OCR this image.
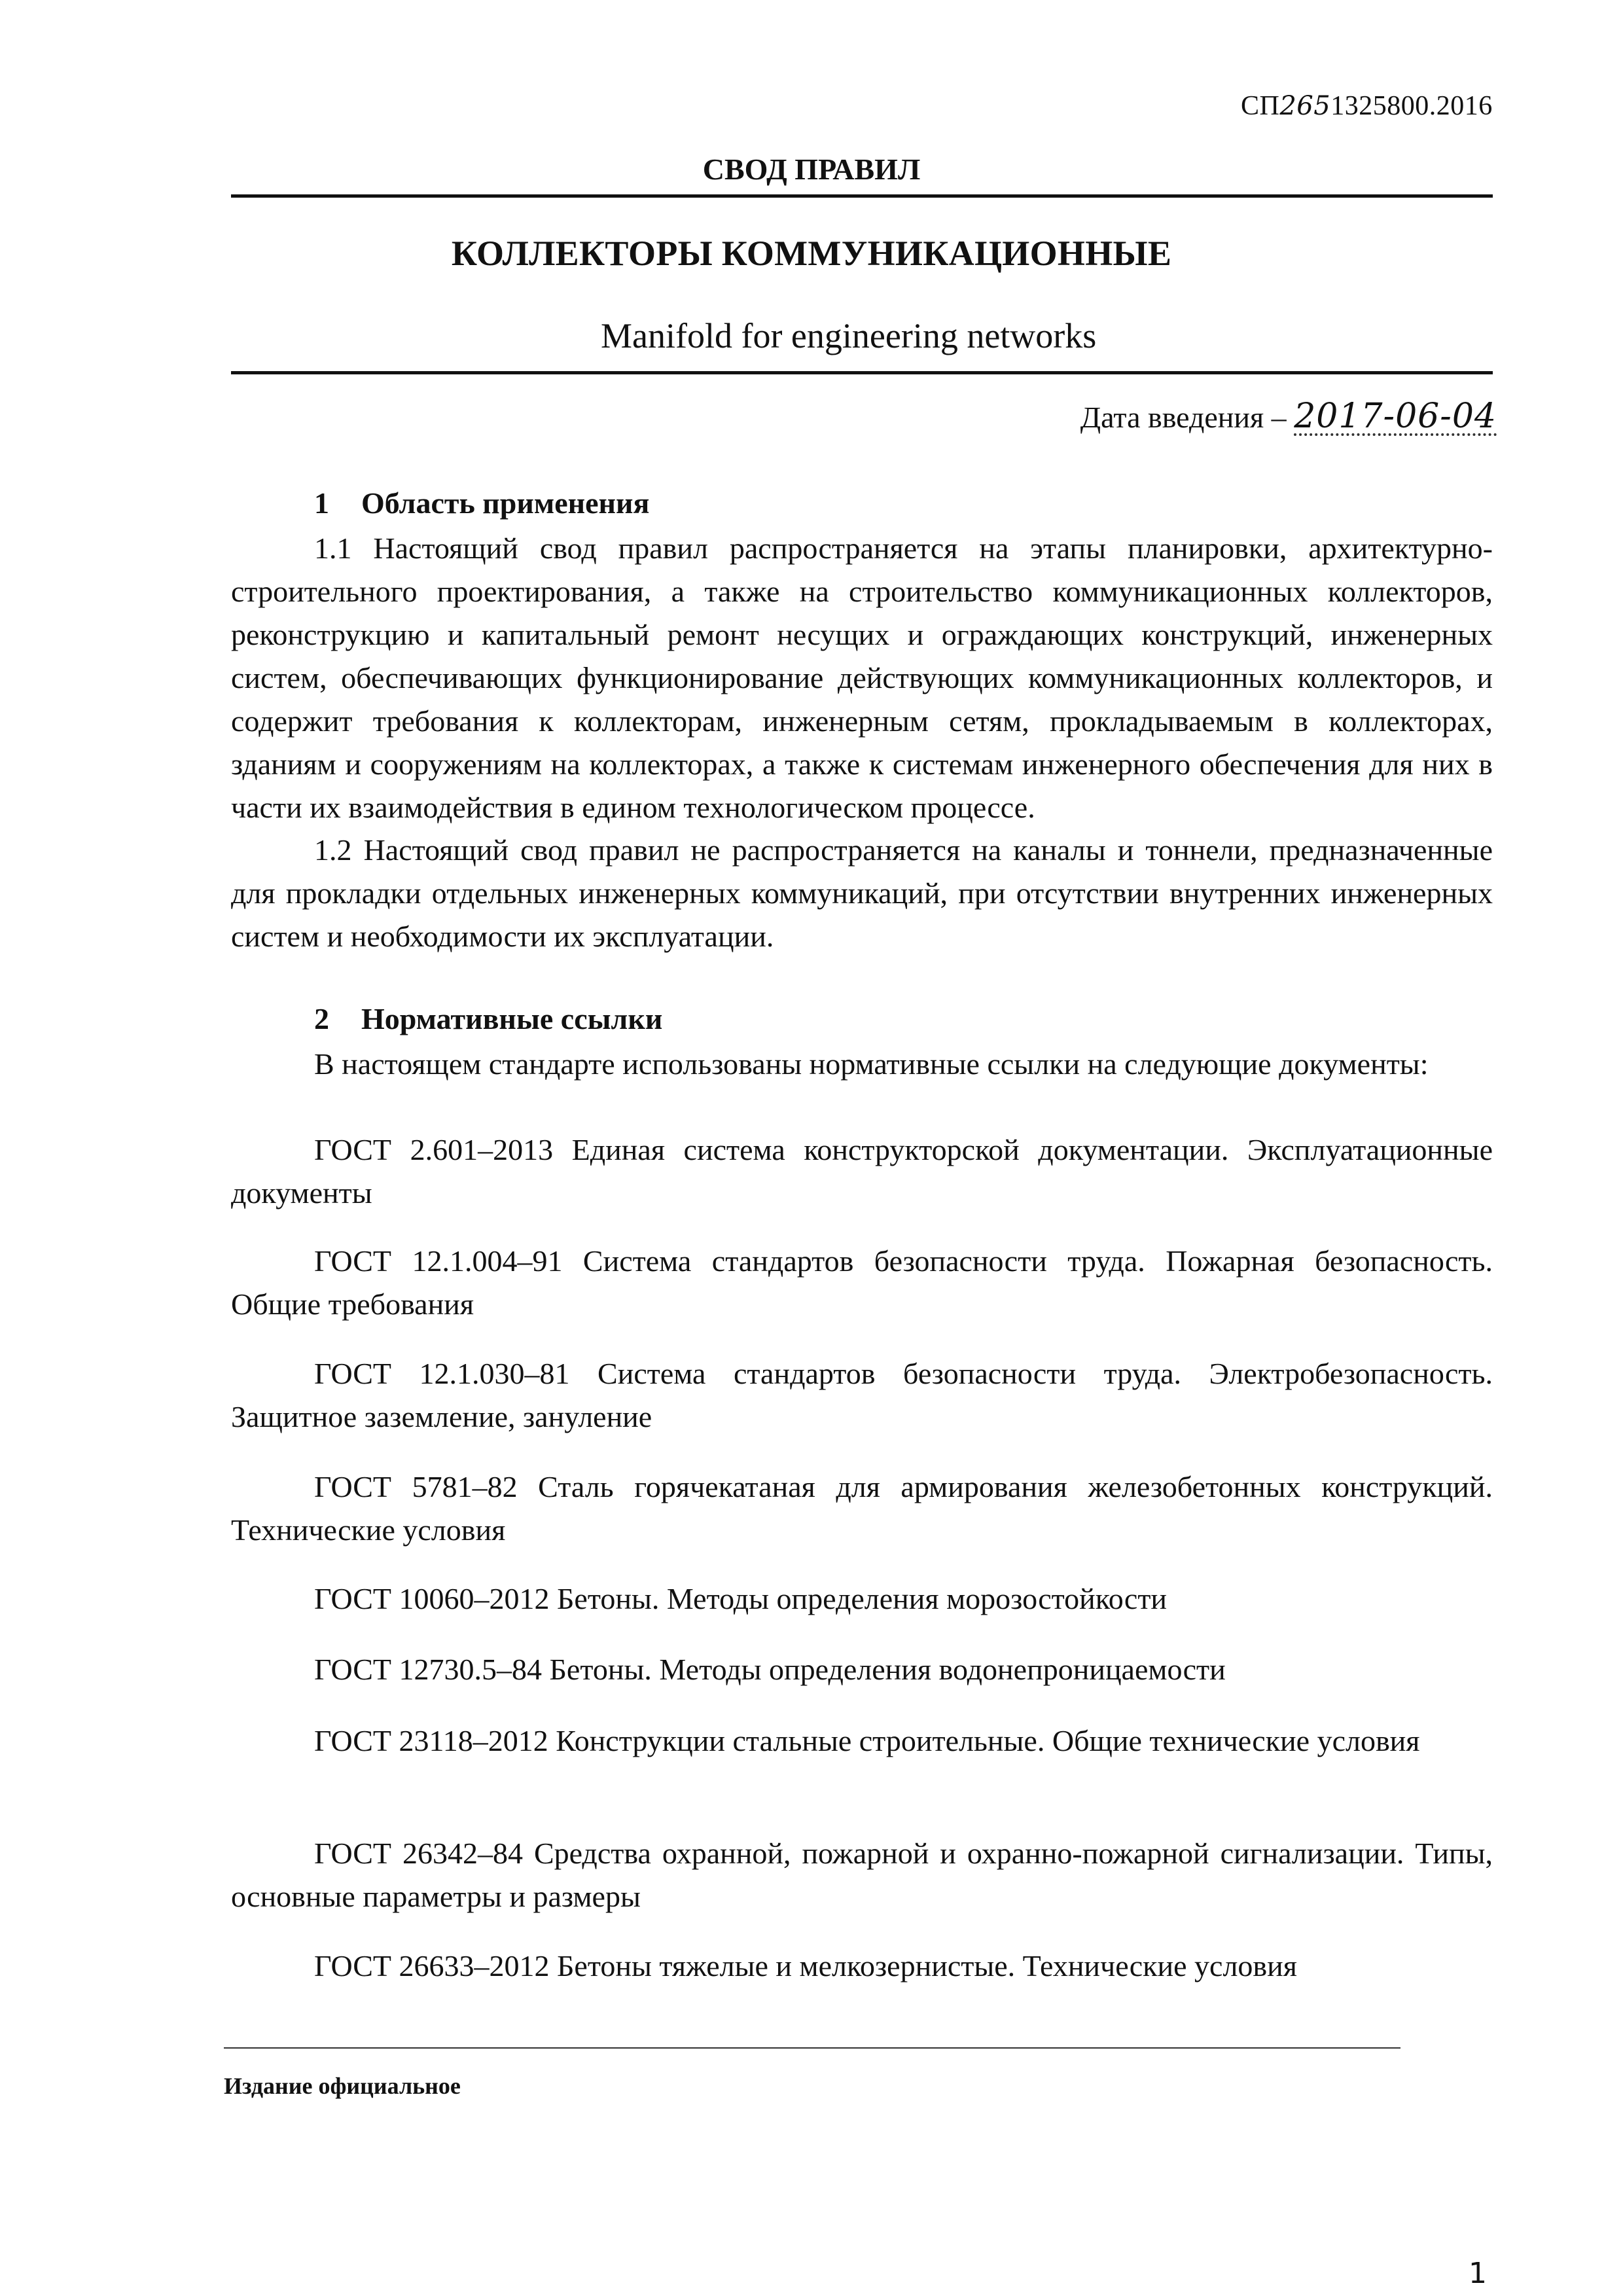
СП2651325800.2016
СВОД ПРАВИЛ
КОЛЛЕКТОРЫ КОММУНИКАЦИОННЫЕ
Manifold for engineering networks
Дата введения – 2017-06-04
1 Область применения
1.1 Настоящий свод правил распространяется на этапы планировки, архитектурно-строительного проектирования, а также на строительство коммуникационных коллекторов, реконструкцию и капитальный ремонт несущих и ограждающих конструкций, инженерных систем, обеспечивающих функционирование действующих коммуникационных коллекторов, и содержит требования к коллекторам, инженерным сетям, прокладываемым в коллекторах, зданиям и сооружениям на коллекторах, а также к системам инженерного обеспечения для них в части их взаимодействия в едином технологическом процессе.
1.2 Настоящий свод правил не распространяется на каналы и тоннели, предназначенные для прокладки отдельных инженерных коммуникаций, при отсутствии внутренних инженерных систем и необходимости их эксплуатации.
2 Нормативные ссылки
В настоящем стандарте использованы нормативные ссылки на следующие документы:
ГОСТ 2.601–2013 Единая система конструкторской документации. Эксплуатационные документы
ГОСТ 12.1.004–91 Система стандартов безопасности труда. Пожарная безопасность. Общие требования
ГОСТ 12.1.030–81 Система стандартов безопасности труда. Электробезопасность. Защитное заземление, зануление
ГОСТ 5781–82 Сталь горячекатаная для армирования железобетонных конструкций. Технические условия
ГОСТ 10060–2012 Бетоны. Методы определения морозостойкости
ГОСТ 12730.5–84 Бетоны. Методы определения водонепроницаемости
ГОСТ 23118–2012 Конструкции стальные строительные. Общие технические условия
ГОСТ 26342–84 Средства охранной, пожарной и охранно-пожарной сигнализации. Типы, основные параметры и размеры
ГОСТ 26633–2012 Бетоны тяжелые и мелкозернистые. Технические условия
Издание официальное
1
